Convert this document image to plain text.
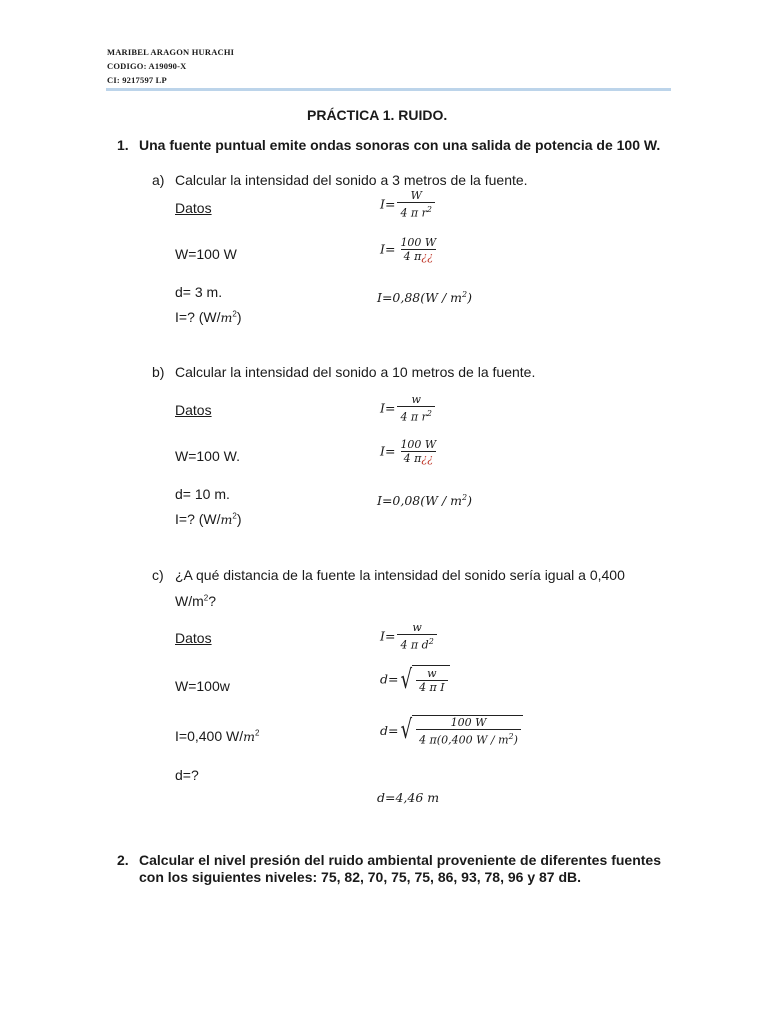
MARIBEL ARAGON HURACHI
CODIGO: A19090-X
CI: 9217597 LP
PRÁCTICA 1. RUIDO.
1. Una fuente puntual emite ondas sonoras con una salida de potencia de 100 W.
a) Calcular la intensidad del sonido a 3 metros de la fuente.
Datos
W=100 W
d= 3 m.
I=? $(W/m^2)$
$I= \frac{W}{4 \pi r^2}$
$I= \frac{100 W}{4 \pi¿¿}$
$I=0,88(W / m^2)$
b) Calcular la intensidad del sonido a 10 metros de la fuente.
Datos
W=100 W.
d= 10 m.
I=? $(W/m^2)$
$I= \frac{w}{4 \pi r^2}$
$I= \frac{100 W}{4 \pi¿¿}$
$I=0,08(W / m^2)$
c) ¿A qué distancia de la fuente la intensidad del sonido sería igual a 0,400
$W/m^2$?
Datos
W=100w
I=0,400 $W/m^2$
d=?
$I= \frac{w}{4 \pi d^2}$
d= √ $\frac{w}{\text{4 π I}}$
d= √ $\frac{100 W}{4 \pi(0,400 W / m^2)}$
d=4,46 m
2. Calcular el nivel presión del ruido ambiental proveniente de diferentes fuentes con los siguientes niveles: 75, 82, 70, 75, 75, 86, 93, 78, 96 y 87 dB.
